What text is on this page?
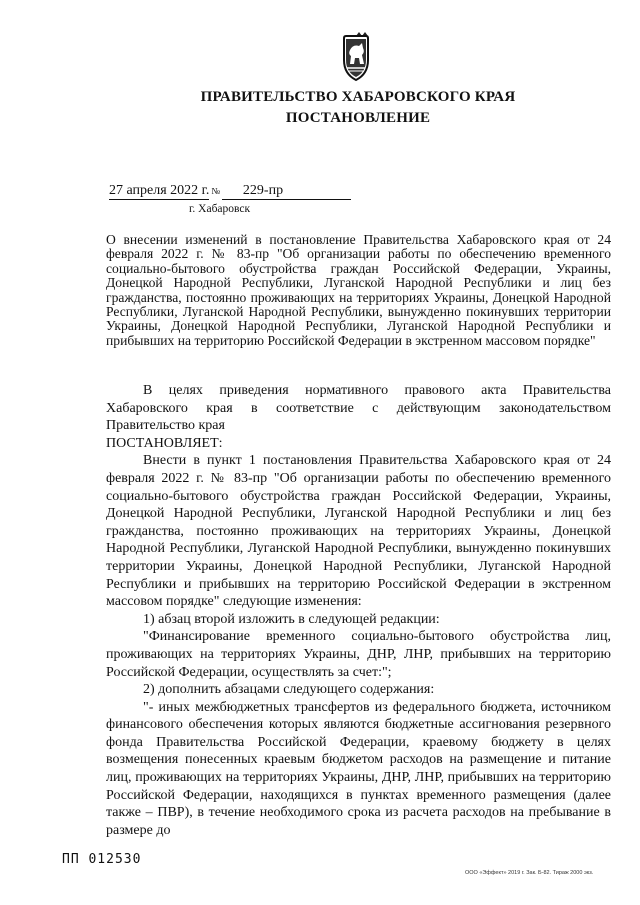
ПРАВИТЕЛЬСТВО ХАБАРОВСКОГО КРАЯ
ПОСТАНОВЛЕНИЕ
27 апреля 2022 г. № 229-пр
г. Хабаровск
О внесении изменений в постановление Правительства Хабаровского края от 24 февраля 2022 г. № 83-пр "Об организации работы по обеспечению временного социально-бытового обустройства граждан Российской Федерации, Украины, Донецкой Народной Республики, Луганской Народной Республики и лиц без гражданства, постоянно проживающих на территориях Украины, Донецкой Народной Республики, Луганской Народной Республики, вынужденно покинувших территории Украины, Донецкой Народной Республики, Луганской Народной Республики и прибывших на территорию Российской Федерации в экстренном массовом порядке"

В целях приведения нормативного правового акта Правительства Хабаровского края в соответствие с действующим законодательством Правительство края

ПОСТАНОВЛЯЕТ:

Внести в пункт 1 постановления Правительства Хабаровского края от 24 февраля 2022 г. № 83-пр "Об организации работы по обеспечению временного социально-бытового обустройства граждан Российской Федерации, Украины, Донецкой Народной Республики, Луганской Народной Республики и лиц без гражданства, постоянно проживающих на территориях Украины, Донецкой Народной Республики, Луганской Народной Республики, вынужденно покинувших территории Украины, Донецкой Народной Республики, Луганской Народной Республики и прибывших на территорию Российской Федерации в экстренном массовом порядке" следующие изменения:

1) абзац второй изложить в следующей редакции:

"Финансирование временного социально-бытового обустройства лиц, проживающих на территориях Украины, ДНР, ЛНР, прибывших на территорию Российской Федерации, осуществлять за счет:";

2) дополнить абзацами следующего содержания:

"- иных межбюджетных трансфертов из федерального бюджета, источником финансового обеспечения которых являются бюджетные ассигнования резервного фонда Правительства Российской Федерации, краевому бюджету в целях возмещения понесенных краевым бюджетом расходов на размещение и питание лиц, проживающих на территориях Украины, ДНР, ЛНР, прибывших на территорию Российской Федерации, находящихся в пунктах временного размещения (далее также – ПВР), в течение необходимого срока из расчета расходов на пребывание в размере до

ПП 012530
ООО «Эффект» 2019 г. Зак. Б-82. Тираж 2000 экз.
